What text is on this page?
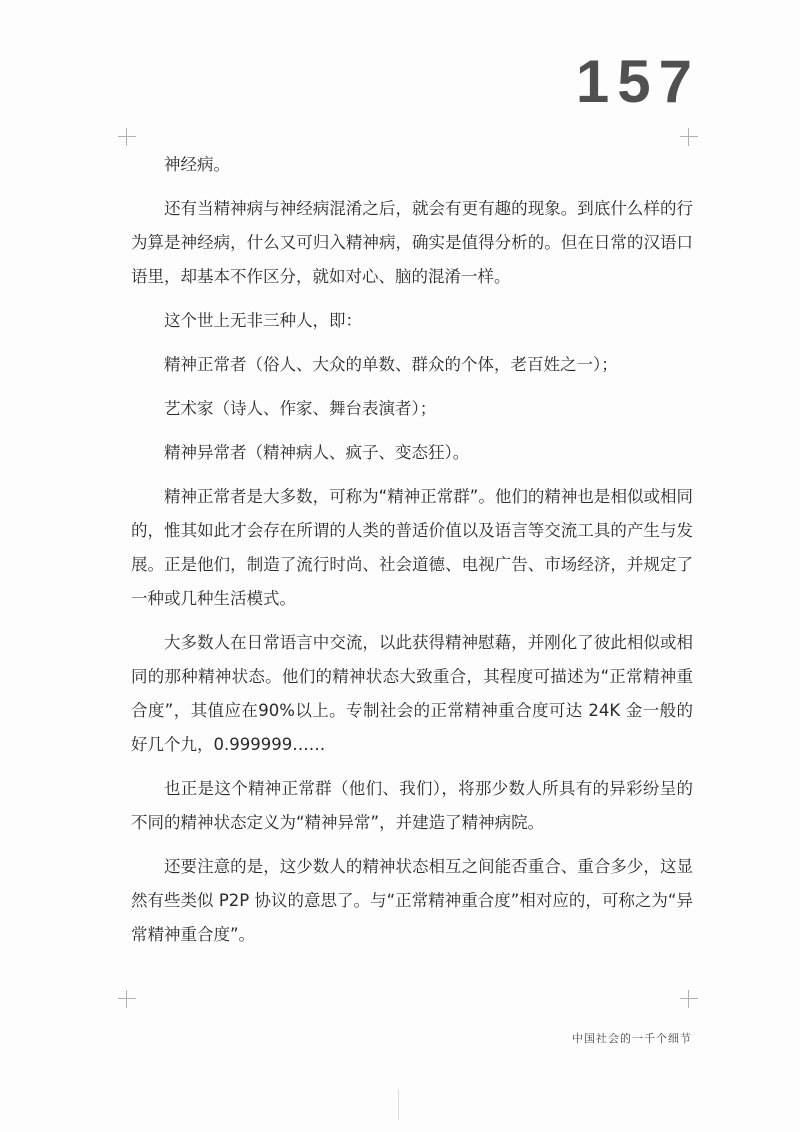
157

神经病。

还有当精神病与神经病混淆之后，就会有更有趣的现象。到底什么样的行为算是神经病，什么又可归入精神病，确实是值得分析的。但在日常的汉语口语里，却基本不作区分，就如对心、脑的混淆一样。

这个世上无非三种人，即：

精神正常者（俗人、大众的单数、群众的个体，老百姓之一）；

艺术家（诗人、作家、舞台表演者）；

精神异常者（精神病人、疯子、变态狂）。

精神正常者是大多数，可称为“精神正常群”。他们的精神也是相似或相同的，惟其如此才会存在所谓的人类的普适价值以及语言等交流工具的产生与发展。正是他们，制造了流行时尚、社会道德、电视广告、市场经济，并规定了一种或几种生活模式。

大多数人在日常语言中交流，以此获得精神慰藉，并刚化了彼此相似或相同的那种精神状态。他们的精神状态大致重合，其程度可描述为“正常精神重合度”，其值应在90%以上。专制社会的正常精神重合度可达 24K 金一般的好几个九，0.999999……

也正是这个精神正常群（他们、我们），将那少数人所具有的异彩纷呈的不同的精神状态定义为“精神异常”，并建造了精神病院。

还要注意的是，这少数人的精神状态相互之间能否重合、重合多少，这显然有些类似 P2P 协议的意思了。与“正常精神重合度”相对应的，可称之为“异常精神重合度”。

中国社会的一千个细节
